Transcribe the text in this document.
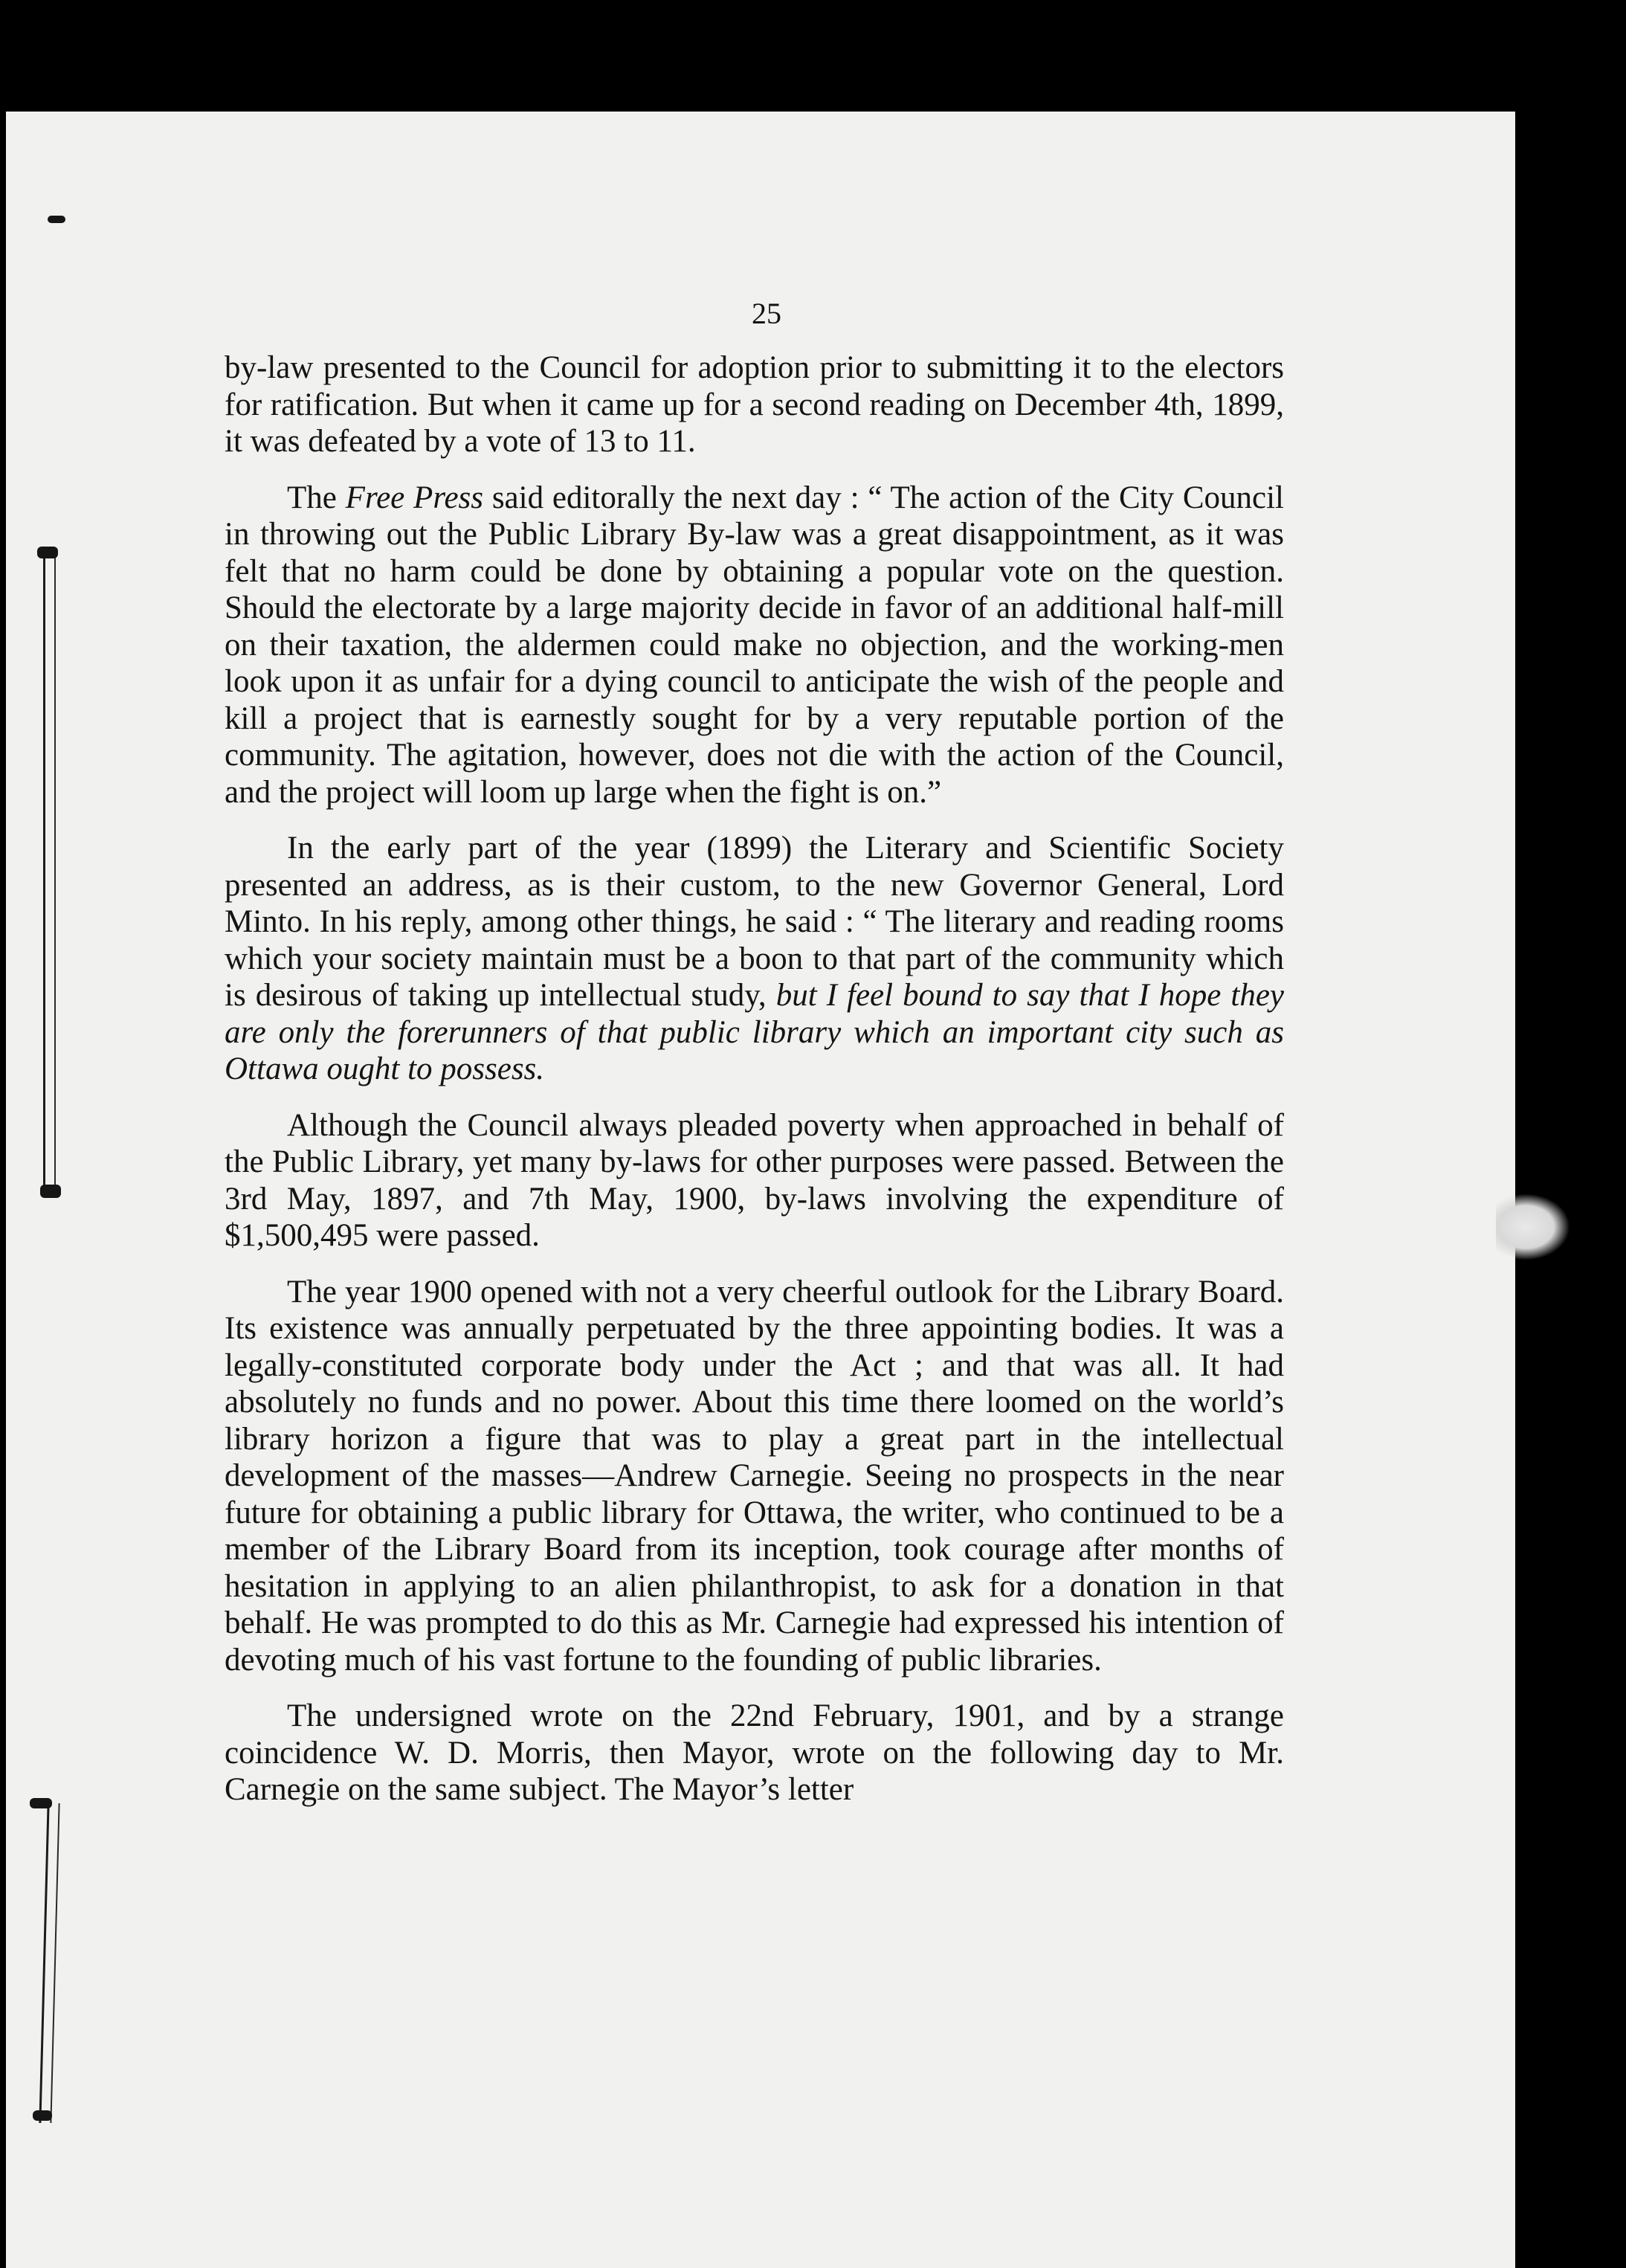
25

by-law presented to the Council for adoption prior to submitting it to the electors for ratification. But when it came up for a second reading on December 4th, 1899, it was defeated by a vote of 13 to 11.

The Free Press said editorally the next day : “ The action of the City Council in throwing out the Public Library By-law was a great disappointment, as it was felt that no harm could be done by obtaining a popular vote on the question. Should the electorate by a large majority decide in favor of an additional half-mill on their taxation, the aldermen could make no objection, and the working-men look upon it as unfair for a dying council to anticipate the wish of the people and kill a project that is earnestly sought for by a very reputable portion of the community. The agitation, however, does not die with the action of the Council, and the project will loom up large when the fight is on.”

In the early part of the year (1899) the Literary and Scientific Society presented an address, as is their custom, to the new Governor General, Lord Minto. In his reply, among other things, he said : “ The literary and reading rooms which your society maintain must be a boon to that part of the community which is desirous of taking up intellectual study, but I feel bound to say that I hope they are only the forerunners of that public library which an important city such as Ottawa ought to possess.

Although the Council always pleaded poverty when approached in behalf of the Public Library, yet many by-laws for other purposes were passed. Between the 3rd May, 1897, and 7th May, 1900, by-laws involving the expenditure of $1,500,495 were passed.

The year 1900 opened with not a very cheerful outlook for the Library Board. Its existence was annually perpetuated by the three appointing bodies. It was a legally-constituted corporate body under the Act ; and that was all. It had absolutely no funds and no power. About this time there loomed on the world’s library horizon a figure that was to play a great part in the intellectual development of the masses—Andrew Carnegie. Seeing no prospects in the near future for obtaining a public library for Ottawa, the writer, who continued to be a member of the Library Board from its inception, took courage after months of hesitation in applying to an alien philanthropist, to ask for a donation in that behalf. He was prompted to do this as Mr. Carnegie had expressed his intention of devoting much of his vast fortune to the founding of public libraries.

The undersigned wrote on the 22nd February, 1901, and by a strange coincidence W. D. Morris, then Mayor, wrote on the following day to Mr. Carnegie on the same subject. The Mayor’s letter
